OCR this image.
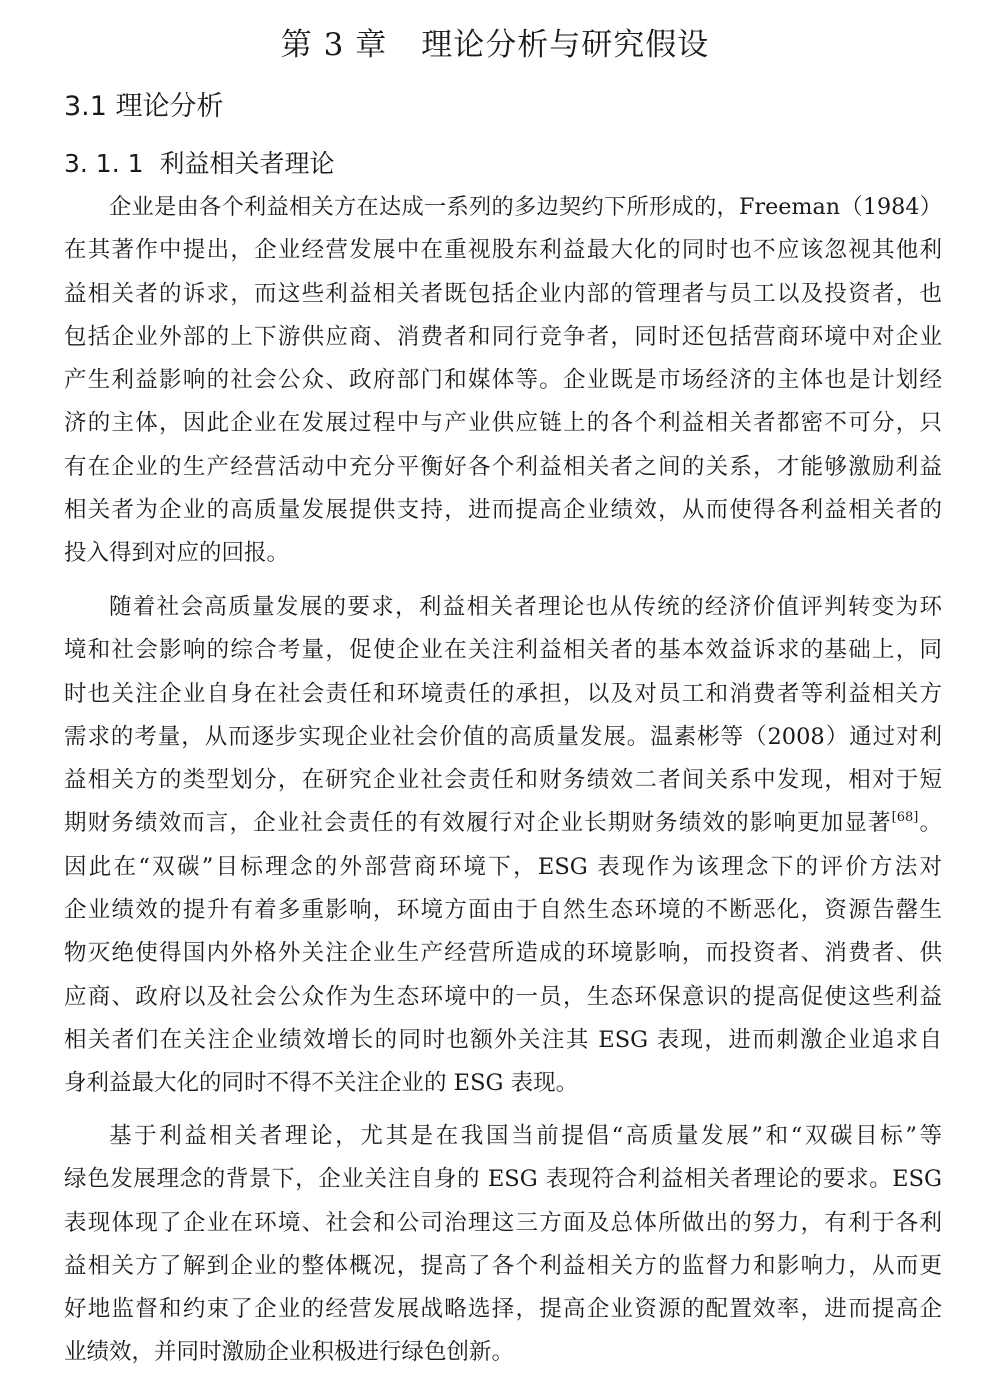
第 3 章 理论分析与研究假设
3.1 理论分析
3. 1. 1 利益相关者理论
企业是由各个利益相关方在达成一系列的多边契约下所形成的，Freeman（1984）
在其著作中提出，企业经营发展中在重视股东利益最大化的同时也不应该忽视其他利
益相关者的诉求，而这些利益相关者既包括企业内部的管理者与员工以及投资者，也
包括企业外部的上下游供应商、消费者和同行竞争者，同时还包括营商环境中对企业
产生利益影响的社会公众、政府部门和媒体等。企业既是市场经济的主体也是计划经
济的主体，因此企业在发展过程中与产业供应链上的各个利益相关者都密不可分，只
有在企业的生产经营活动中充分平衡好各个利益相关者之间的关系，才能够激励利益
相关者为企业的高质量发展提供支持，进而提高企业绩效，从而使得各利益相关者的
投入得到对应的回报。
随着社会高质量发展的要求，利益相关者理论也从传统的经济价值评判转变为环
境和社会影响的综合考量，促使企业在关注利益相关者的基本效益诉求的基础上，同
时也关注企业自身在社会责任和环境责任的承担，以及对员工和消费者等利益相关方
需求的考量，从而逐步实现企业社会价值的高质量发展。温素彬等（2008）通过对利
益相关方的类型划分，在研究企业社会责任和财务绩效二者间关系中发现，相对于短
期财务绩效而言，企业社会责任的有效履行对企业长期财务绩效的影响更加显著[68]。
因此在“双碳”目标理念的外部营商环境下，ESG 表现作为该理念下的评价方法对
企业绩效的提升有着多重影响，环境方面由于自然生态环境的不断恶化，资源告罄生
物灭绝使得国内外格外关注企业生产经营所造成的环境影响，而投资者、消费者、供
应商、政府以及社会公众作为生态环境中的一员，生态环保意识的提高促使这些利益
相关者们在关注企业绩效增长的同时也额外关注其 ESG 表现，进而刺激企业追求自
身利益最大化的同时不得不关注企业的 ESG 表现。
基于利益相关者理论，尤其是在我国当前提倡“高质量发展”和“双碳目标”等
绿色发展理念的背景下，企业关注自身的 ESG 表现符合利益相关者理论的要求。ESG
表现体现了企业在环境、社会和公司治理这三方面及总体所做出的努力，有利于各利
益相关方了解到企业的整体概况，提高了各个利益相关方的监督力和影响力，从而更
好地监督和约束了企业的经营发展战略选择，提高企业资源的配置效率，进而提高企
业绩效，并同时激励企业积极进行绿色创新。
